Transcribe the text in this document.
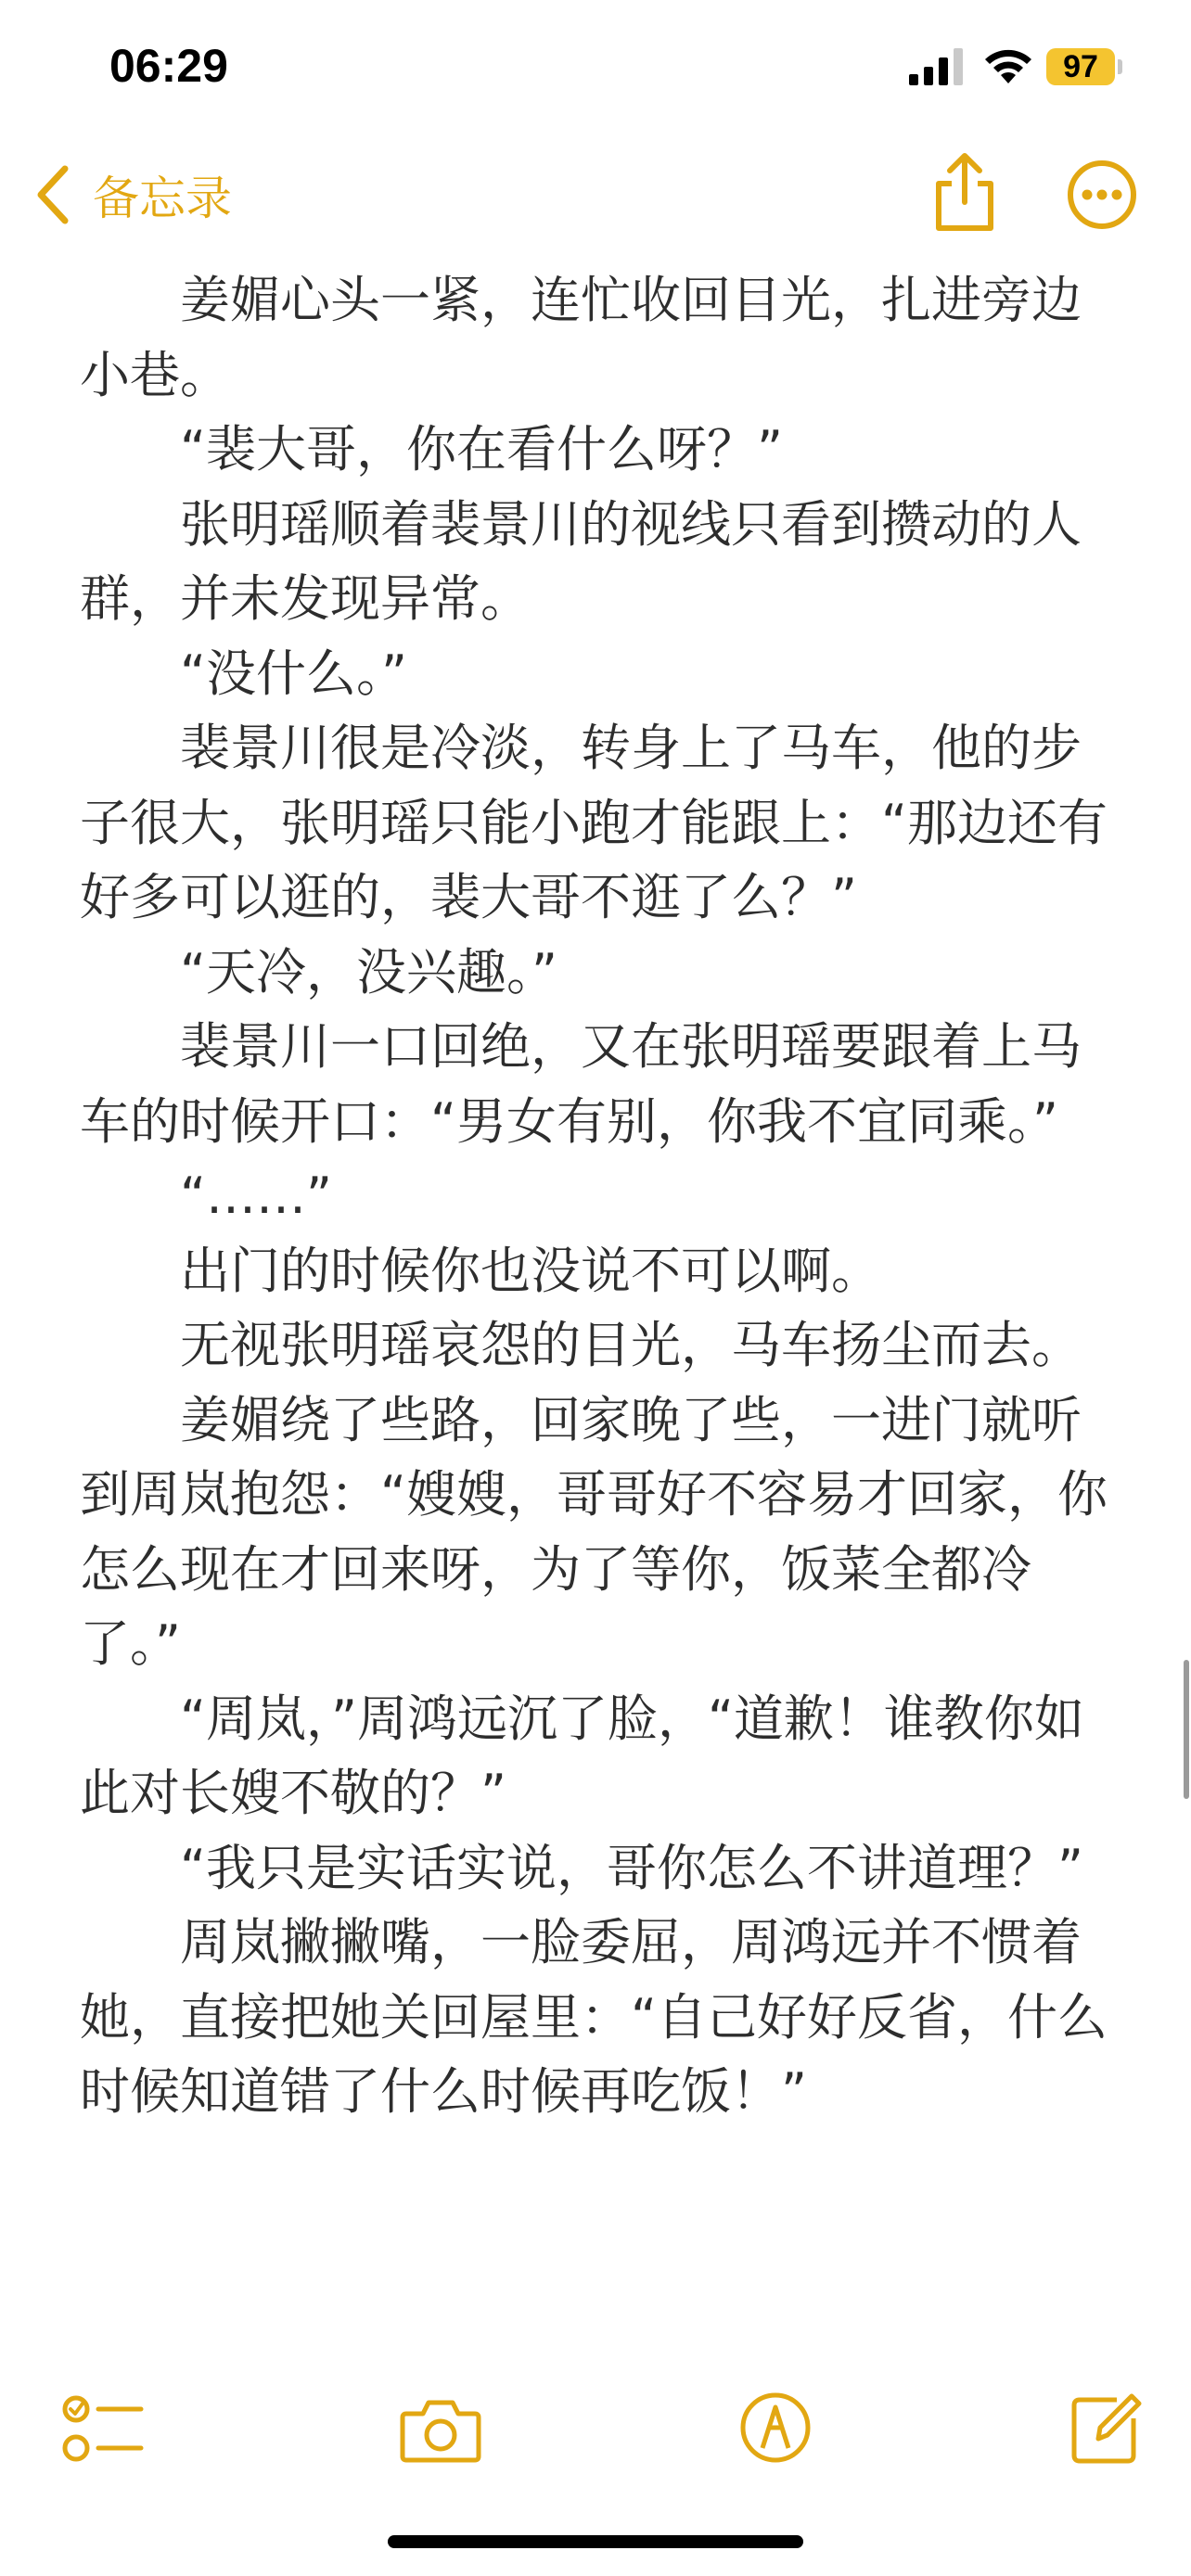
06:29	97
备忘录

姜媚心头一紧，连忙收回目光，扎进旁边小巷。

“裴大哥，你在看什么呀？”

张明瑶顺着裴景川的视线只看到攒动的人群，并未发现异常。

“没什么。”

裴景川很是冷淡，转身上了马车，他的步子很大，张明瑶只能小跑才能跟上：“那边还有好多可以逛的，裴大哥不逛了么？”

“天冷，没兴趣。”

裴景川一口回绝，又在张明瑶要跟着上马车的时候开口：“男女有别，你我不宜同乘。”

“……”

出门的时候你也没说不可以啊。

无视张明瑶哀怨的目光，马车扬尘而去。

姜媚绕了些路，回家晚了些，一进门就听到周岚抱怨：“嫂嫂，哥哥好不容易才回家，你怎么现在才回来呀，为了等你，饭菜全都冷了。”

“周岚，”周鸿远沉了脸，“道歉！谁教你如此对长嫂不敬的？”

“我只是实话实说，哥你怎么不讲道理？”

周岚撇撇嘴，一脸委屈，周鸿远并不惯着她，直接把她关回屋里：“自己好好反省，什么时候知道错了什么时候再吃饭！”
